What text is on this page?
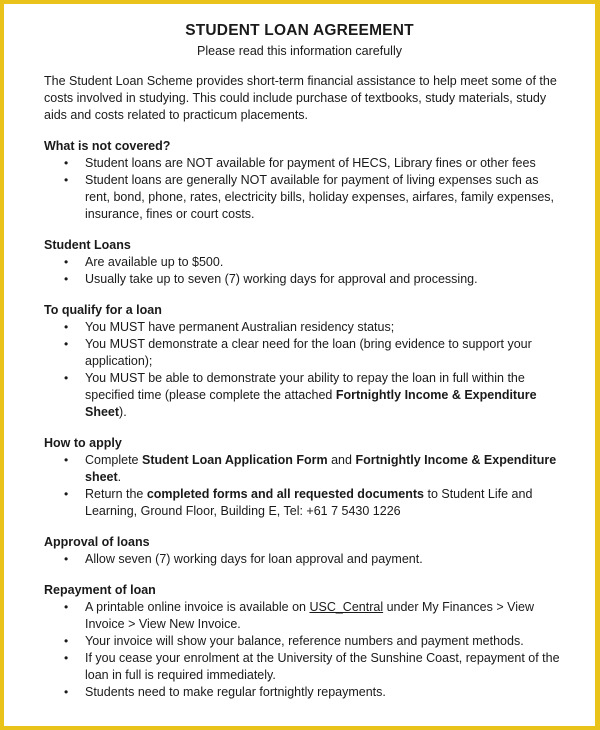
STUDENT LOAN AGREEMENT
Please read this information carefully
The Student Loan Scheme provides short-term financial assistance to help meet some of the costs involved in studying. This could include purchase of textbooks, study materials, study aids and costs related to practicum placements.
What is not covered?
• Student loans are NOT available for payment of HECS, Library fines or other fees
• Student loans are generally NOT available for payment of living expenses such as rent, bond, phone, rates, electricity bills, holiday expenses, airfares, family expenses, insurance, fines or court costs.
Student Loans
• Are available up to $500.
• Usually take up to seven (7) working days for approval and processing.
To qualify for a loan
• You MUST have permanent Australian residency status;
• You MUST demonstrate a clear need for the loan (bring evidence to support your application);
• You MUST be able to demonstrate your ability to repay the loan in full within the specified time (please complete the attached Fortnightly Income & Expenditure Sheet).
How to apply
• Complete Student Loan Application Form and Fortnightly Income & Expenditure sheet.
• Return the completed forms and all requested documents to Student Life and Learning, Ground Floor, Building E, Tel: +61 7 5430 1226
Approval of loans
• Allow seven (7) working days for loan approval and payment.
Repayment of loan
• A printable online invoice is available on USC_Central under My Finances > View Invoice > View New Invoice.
• Your invoice will show your balance, reference numbers and payment methods.
• If you cease your enrolment at the University of the Sunshine Coast, repayment of the loan in full is required immediately.
• Students need to make regular fortnightly repayments.
